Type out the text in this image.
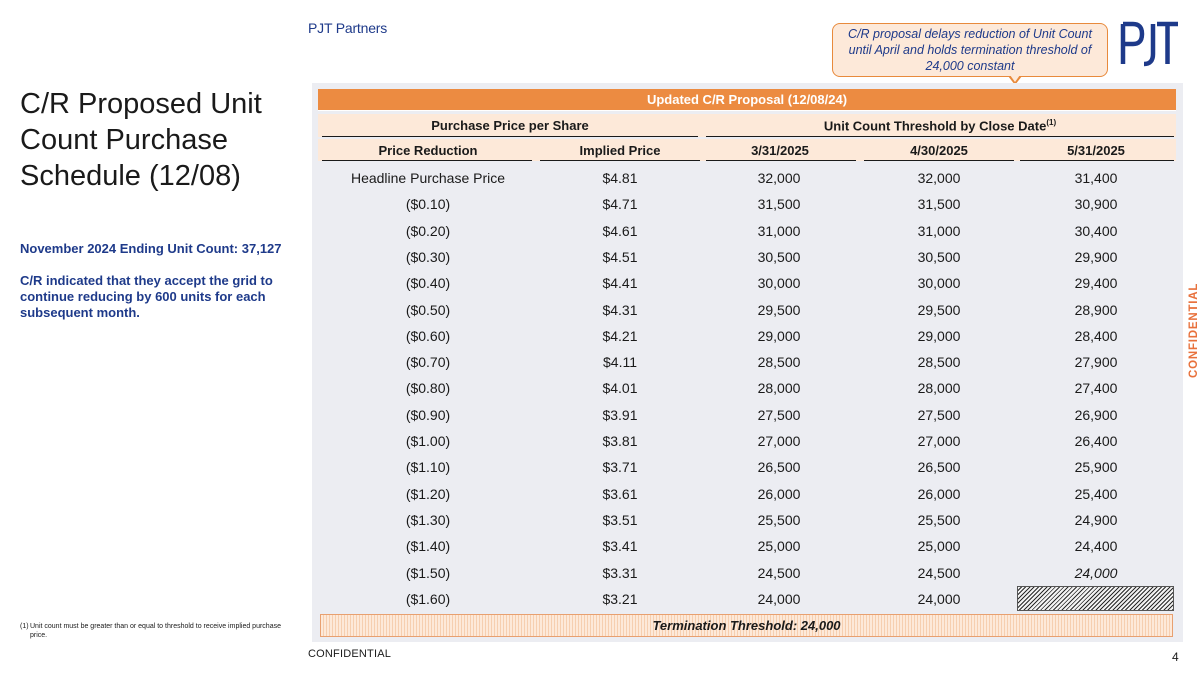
PJT Partners	C/R proposal delays reduction of Unit Count until April and holds termination threshold of 24,000 constant
C/R Proposed Unit Count Purchase Schedule (12/08)
November 2024 Ending Unit Count: 37,127
C/R indicated that they accept the grid to continue reducing by 600 units for each subsequent month.
(1) Unit count must be greater than or equal to threshold to receive implied purchase price.
CONFIDENTIAL	4
CONFIDENTIAL
Updated C/R Proposal (12/08/24)
Purchase Price per Share	Unit Count Threshold by Close Date$^{(1)}$
Price Reduction	Implied Price	3/31/2025	4/30/2025	5/31/2025
Headline Purchase Price	$4.81	32,000	32,000	31,400
($0.10)	$4.71	31,500	31,500	30,900
($0.20)	$4.61	31,000	31,000	30,400
($0.30)	$4.51	30,500	30,500	29,900
($0.40)	$4.41	30,000	30,000	29,400
($0.50)	$4.31	29,500	29,500	28,900
($0.60)	$4.21	29,000	29,000	28,400
($0.70)	$4.11	28,500	28,500	27,900
($0.80)	$4.01	28,000	28,000	27,400
($0.90)	$3.91	27,500	27,500	26,900
($1.00)	$3.81	27,000	27,000	26,400
($1.10)	$3.71	26,500	26,500	25,900
($1.20)	$3.61	26,000	26,000	25,400
($1.30)	$3.51	25,500	25,500	24,900
($1.40)	$3.41	25,000	25,000	24,400
($1.50)	$3.31	24,500	24,500	24,000
($1.60)	$3.21	24,000	24,000
Termination Threshold: 24,000
